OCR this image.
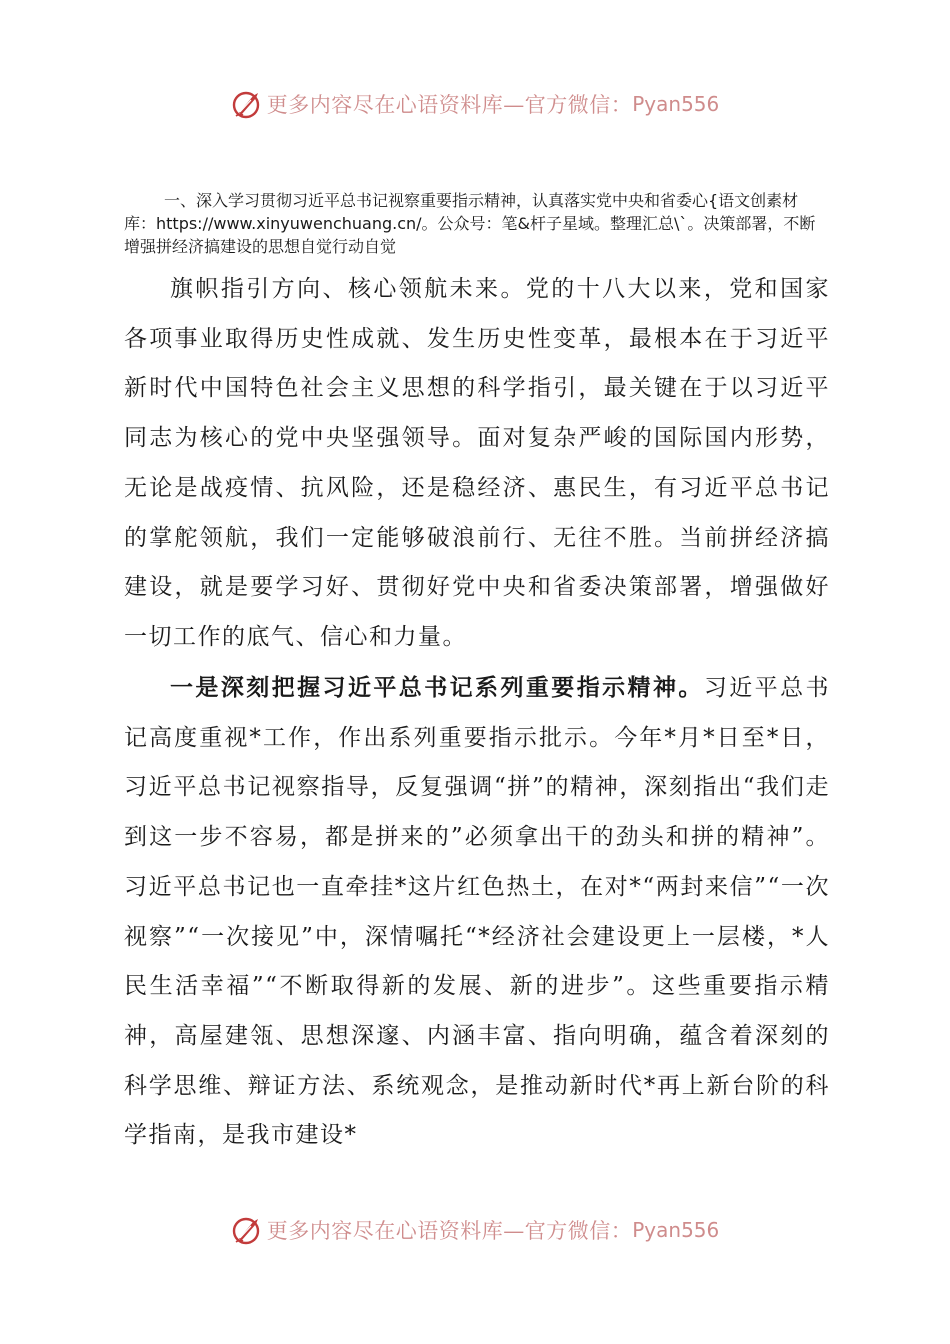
更多内容尽在心语资料库—官方微信： Pyan556
一、深入学习贯彻习近平总书记视察重要指示精神，认真落实党中央和省委心{语文创素材库：https://www.xinyuwenchuang.cn/。公众号：笔&杆子星域。整理汇总\`。决策部署，不断增强拼经济搞建设的思想自觉行动自觉

旗帜指引方向、核心领航未来。党的十八大以来，党和国家各项事业取得历史性成就、发生历史性变革，最根本在于习近平新时代中国特色社会主义思想的科学指引，最关键在于以习近平同志为核心的党中央坚强领导。面对复杂严峻的国际国内形势，无论是战疫情、抗风险，还是稳经济、惠民生，有习近平总书记的掌舵领航，我们一定能够破浪前行、无往不胜。当前拼经济搞建设，就是要学习好、贯彻好党中央和省委决策部署，增强做好一切工作的底气、信心和力量。

一是深刻把握习近平总书记系列重要指示精神。习近平总书记高度重视*工作，作出系列重要指示批示。今年*月*日至*日，习近平总书记视察指导，反复强调“拼”的精神，深刻指出“我们走到这一步不容易，都是拼来的”必须拿出干的劲头和拼的精神”。习近平总书记也一直牵挂*这片红色热土，在对*“两封来信”“一次视察”“一次接见”中，深情嘱托“*经济社会建设更上一层楼，*人民生活幸福”“不断取得新的发展、新的进步”。这些重要指示精神，高屋建瓴、思想深邃、内涵丰富、指向明确，蕴含着深刻的科学思维、辩证方法、系统观念，是推动新时代*再上新台阶的科学指南，是我市建设*

更多内容尽在心语资料库—官方微信： Pyan556
